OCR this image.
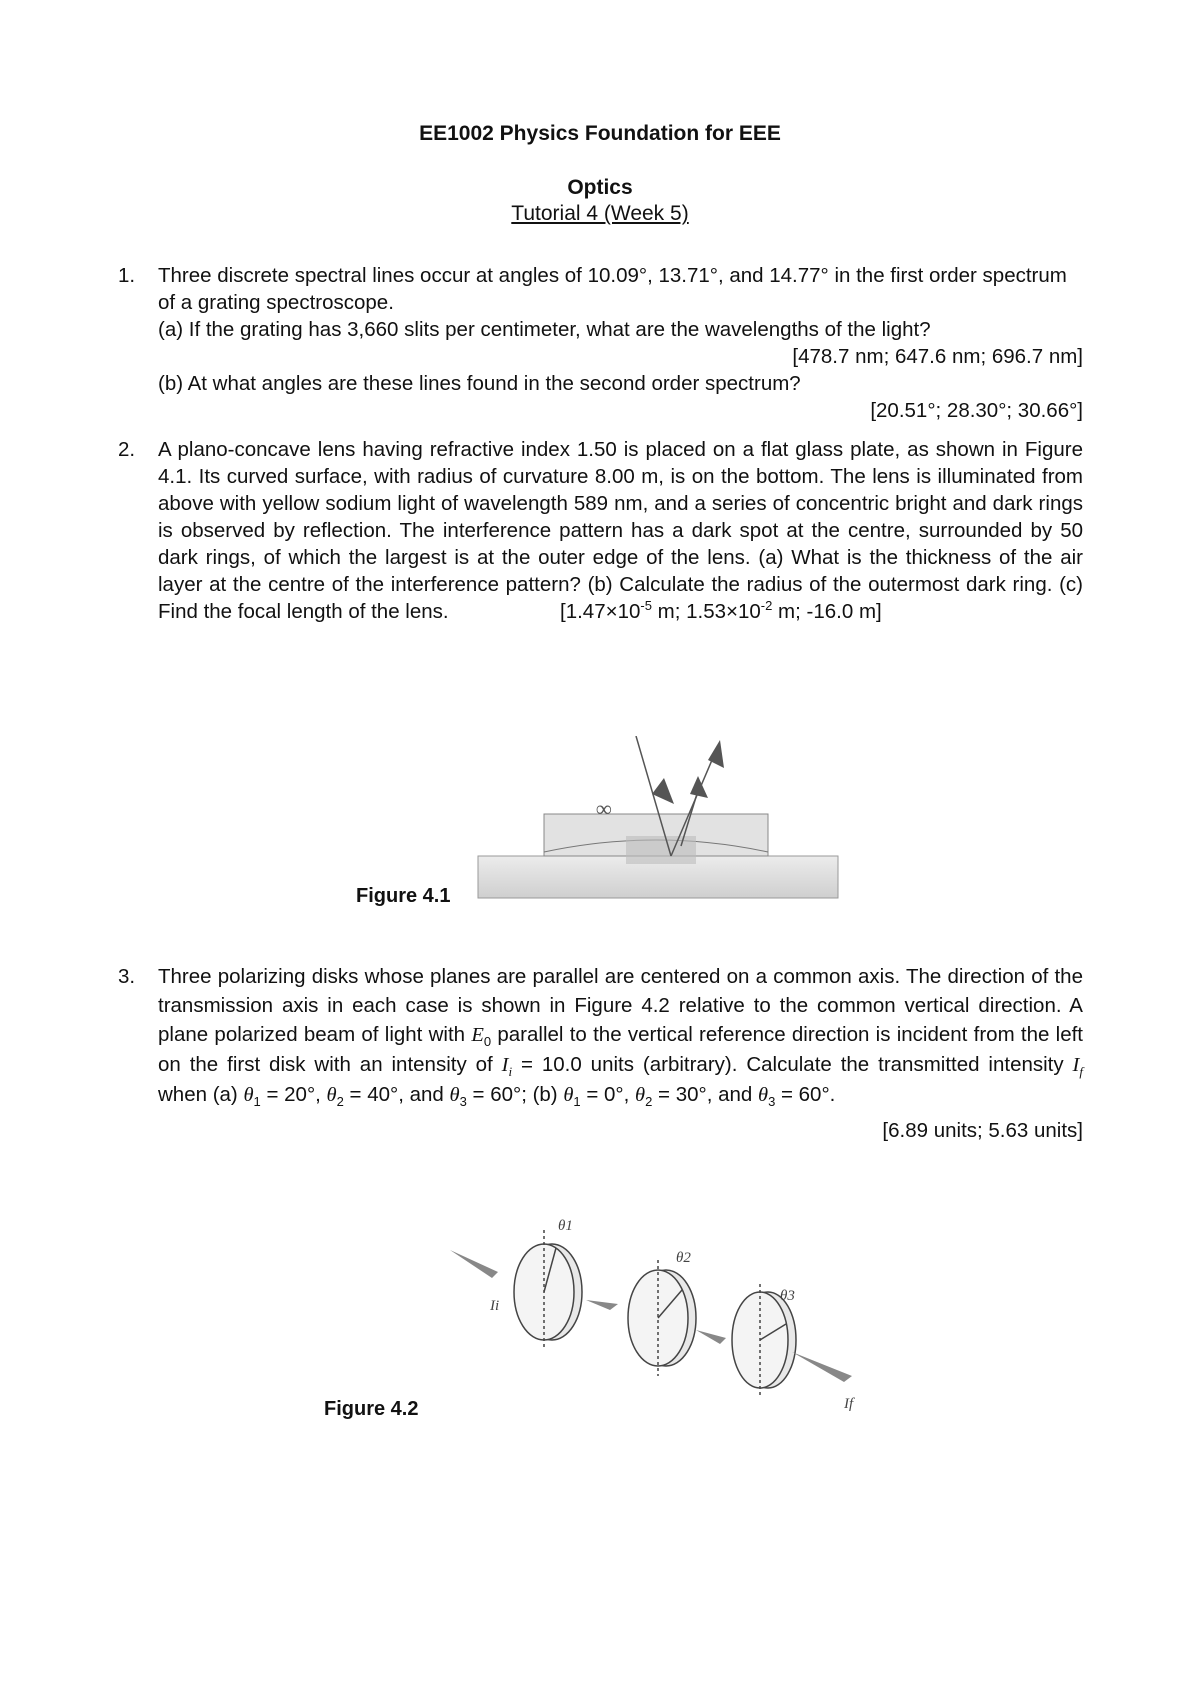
EE1002 Physics Foundation for EEE
Optics
Tutorial 4 (Week 5)
1. Three discrete spectral lines occur at angles of 10.09°, 13.71°, and 14.77° in the first order spectrum of a grating spectroscope.
(a) If the grating has 3,660 slits per centimeter, what are the wavelengths of the light?
[478.7 nm; 647.6 nm; 696.7 nm]
(b) At what angles are these lines found in the second order spectrum?
[20.51°; 28.30°; 30.66°]
2. A plano-concave lens having refractive index 1.50 is placed on a flat glass plate, as shown in Figure 4.1. Its curved surface, with radius of curvature 8.00 m, is on the bottom. The lens is illuminated from above with yellow sodium light of wavelength 589 nm, and a series of concentric bright and dark rings is observed by reflection. The interference pattern has a dark spot at the centre, surrounded by 50 dark rings, of which the largest is at the outer edge of the lens. (a) What is the thickness of the air layer at the centre of the interference pattern? (b) Calculate the radius of the outermost dark ring. (c) Find the focal length of the lens.	[$1.47\times 10^{-5}$ m; $1.53\times 10^{-2}$ m; -16.0 m]
Figure 4.1
∞
3. Three polarizing disks whose planes are parallel are centered on a common axis. The direction of the transmission axis in each case is shown in Figure 4.2 relative to the common vertical direction. A plane polarized beam of light with $E_0$ parallel to the vertical reference direction is incident from the left on the first disk with an intensity of $I_i = 10.0$ units (arbitrary). Calculate the transmitted intensity $I_f$ when (a) $\theta_1 = 20^\circ$, $\theta_2 = 40^\circ$, and $\theta_3 = 60^\circ$; (b) $\theta_1 = 0^\circ$, $\theta_2 = 30^\circ$, and $\theta_3 = 60^\circ$.
[6.89 units; 5.63 units]
Figure 4.2
θ1
θ2
θ3
Ii
If
